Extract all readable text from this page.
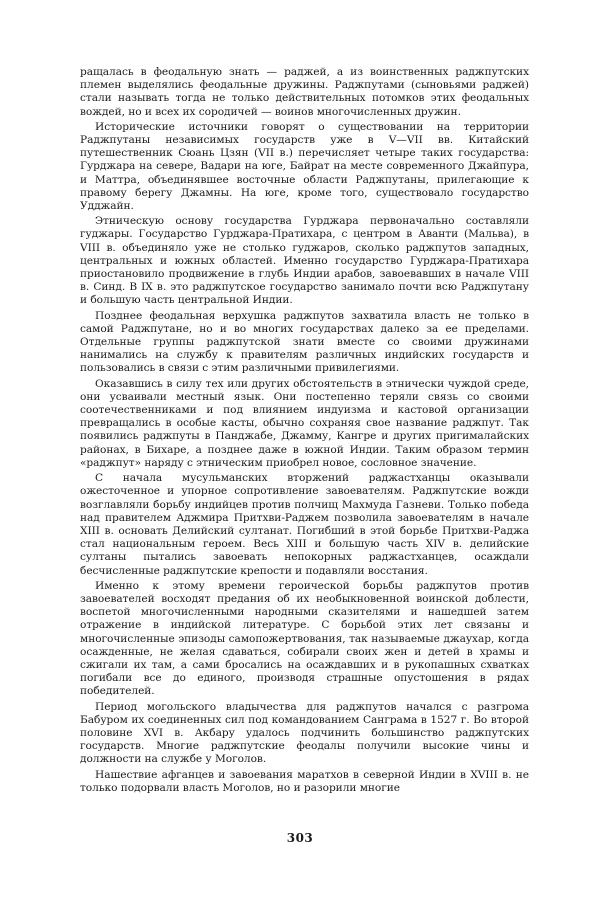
ращалась в феодальную знать — раджей, а из воинственных раджпутских племен выделялись феодальные дружины. Раджпутами (сыновьями раджей) стали называть тогда не только действительных потомков этих феодальных вождей, но и всех их сородичей — воинов многочисленных дружин.

Исторические источники говорят о существовании на территории Раджпутаны независимых государств уже в V—VII вв. Китайский путешественник Сюань Цзян (VII в.) перечисляет четыре таких государства: Гурджара на севере, Вадари на юге, Байрат на месте современного Джайпура, и Маттра, объединявшее восточные области Раджпутаны, прилегающие к правому берегу Джамны. На юге, кроме того, существовало государство Удджайн.

Этническую основу государства Гурджара первоначально составляли гуджары. Государство Гурджара-Пратихара, с центром в Аванти (Мальва), в VIII в. объединяло уже не столько гуджаров, сколько раджпутов западных, центральных и южных областей. Именно государство Гурджара-Пратихара приостановило продвижение в глубь Индии арабов, завоевавших в начале VIII в. Синд. В IX в. это раджпутское государство занимало почти всю Раджпутану и большую часть центральной Индии.

Позднее феодальная верхушка раджпутов захватила власть не только в самой Раджпутане, но и во многих государствах далеко за ее пределами. Отдельные группы раджпутской знати вместе со своими дружинами нанимались на службу к правителям различных индийских государств и пользовались в связи с этим различными привилегиями.

Оказавшись в силу тех или других обстоятельств в этнически чуждой среде, они усваивали местный язык. Они постепенно теряли связь со своими соотечественниками и под влиянием индуизма и кастовой организации превращались в особые касты, обычно сохраняя свое название раджпут. Так появились раджпуты в Панджабе, Джамму, Кангре и других пригималайских районах, в Бихаре, а позднее даже в южной Индии. Таким образом термин «раджпут» наряду с этническим приобрел новое, сословное значение.

С начала мусульманских вторжений раджастханцы оказывали ожесточенное и упорное сопротивление завоевателям. Раджпутские вожди возглавляли борьбу индийцев против полчищ Махмуда Газневи. Только победа над правителем Аджмира Притхви-Раджем позволила завоевателям в начале XIII в. основать Делийский султанат. Погибший в этой борьбе Притхви-Раджа стал национальным героем. Весь XIII и большую часть XIV в. делийские султаны пытались завоевать непокорных раджастханцев, осаждали бесчисленные раджпутские крепости и подавляли восстания.

Именно к этому времени героической борьбы раджпутов против завоевателей восходят предания об их необыкновенной воинской доблести, воспетой многочисленными народными сказителями и нашедшей затем отражение в индийской литературе. С борьбой этих лет связаны и многочисленные эпизоды самопожертвования, так называемые джаухар, когда осажденные, не желая сдаваться, собирали своих жен и детей в храмы и сжигали их там, а сами бросались на осаждавших и в рукопашных схватках погибали все до единого, производя страшные опустошения в рядах победителей.

Период могольского владычества для раджпутов начался с разгрома Бабуром их соединенных сил под командованием Санграма в 1527 г. Во второй половине XVI в. Акбару удалось подчинить большинство раджпутских государств. Многие раджпутские феодалы получили высокие чины и должности на службе у Моголов.

Нашествие афганцев и завоевания маратхов в северной Индии в XVIII в. не только подорвали власть Моголов, но и разорили многие

303
